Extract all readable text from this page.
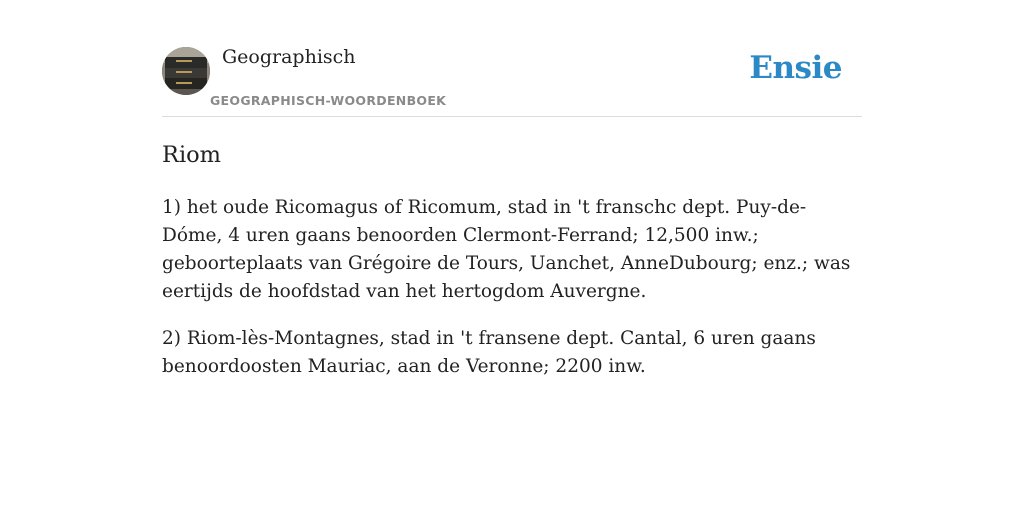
Geographisch
GEOGRAPHISCH-WOORDENBOEK
Ensie
Riom

1) het oude Ricomagus of Ricomum, stad in 't franschc dept. Puy-de-Dóme, 4 uren gaans benoorden Clermont-Ferrand; 12,500 inw.; geboorteplaats van Grégoire de Tours, Uanchet, AnneDubourg; enz.; was eertijds de hoofdstad van het hertogdom Auvergne.

2) Riom-lès-Montagnes, stad in 't fransene dept. Cantal, 6 uren gaans benoordoosten Mauriac, aan de Veronne; 2200 inw.
